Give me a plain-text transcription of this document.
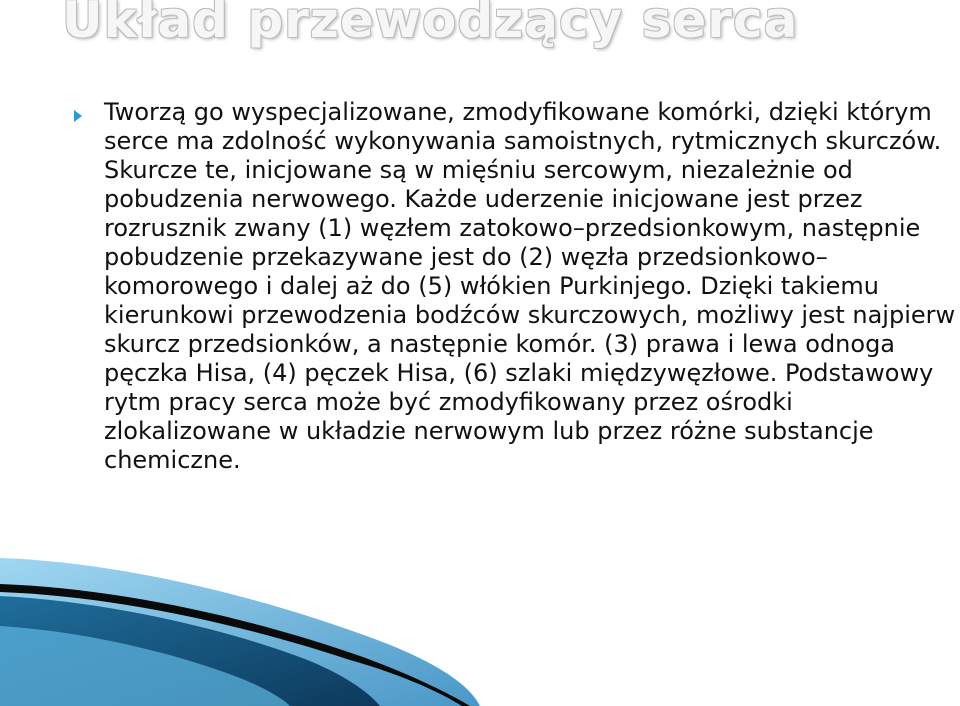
Układ przewodzący serca

Tworzą go wyspecjalizowane, zmodyfikowane komórki, dzięki którym serce ma zdolność wykonywania samoistnych, rytmicznych skurczów. Skurcze te, inicjowane są w mięśniu sercowym, niezależnie od pobudzenia nerwowego. Każde uderzenie inicjowane jest przez rozrusznik zwany (1) węzłem zatokowo–przedsionkowym, następnie pobudzenie przekazywane jest do (2) węzła przedsionkowo–komorowego i dalej aż do (5) włókien Purkinjego. Dzięki takiemu kierunkowi przewodzenia bodźców skurczowych, możliwy jest najpierw skurcz przedsionków, a następnie komór. (3) prawa i lewa odnoga pęczka Hisa, (4) pęczek Hisa, (6) szlaki międzywęzłowe. Podstawowy rytm pracy serca może być zmodyfikowany przez ośrodki zlokalizowane w układzie nerwowym lub przez różne substancje chemiczne.
